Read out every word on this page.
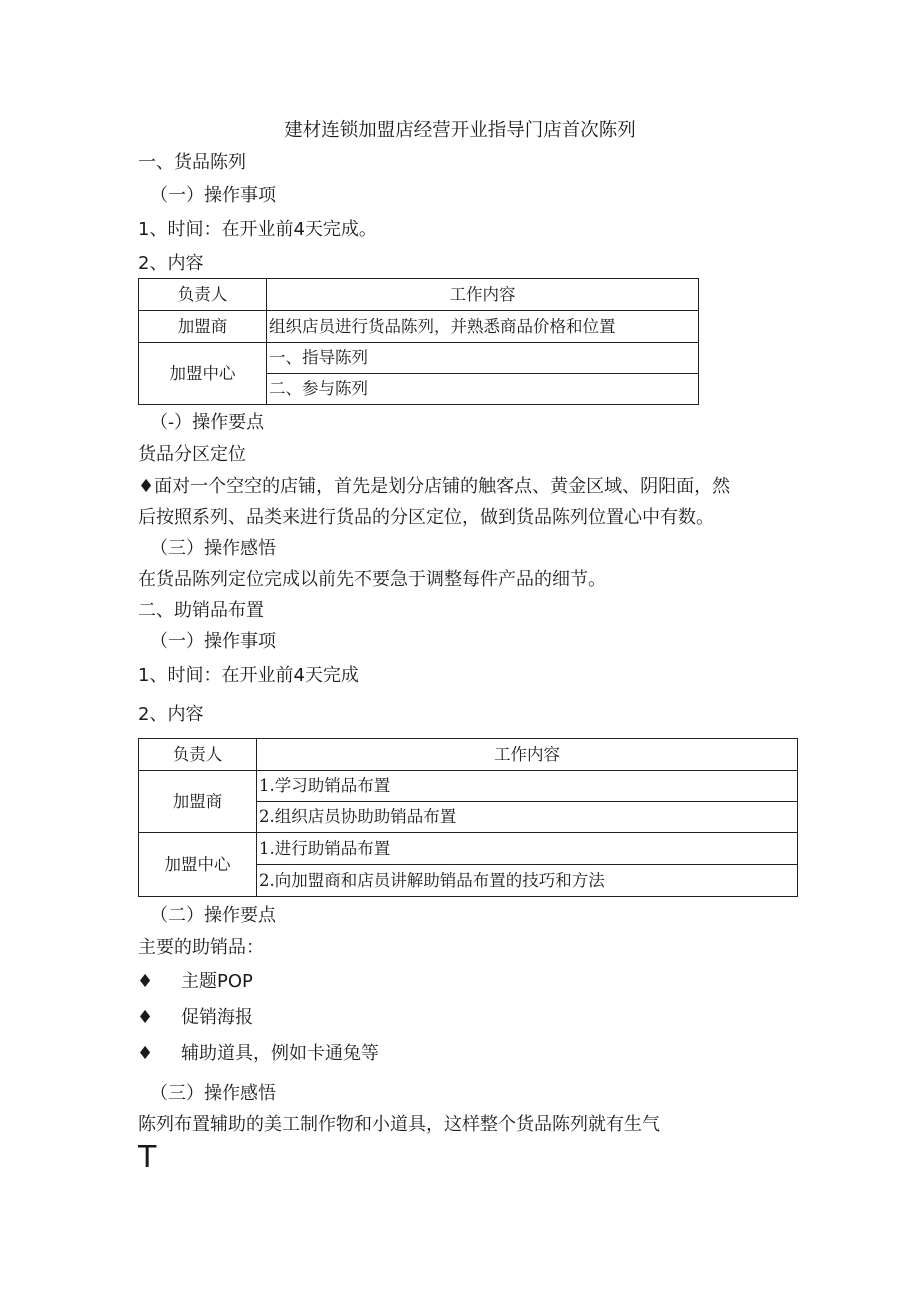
建材连锁加盟店经营开业指导门店首次陈列
一、货品陈列
（一）操作事项
1、时间：在开业前4天完成。
2、内容
负责人	工作内容
加盟商	组织店员进行货品陈列，并熟悉商品价格和位置
加盟中心	一、指导陈列
	二、参与陈列
（-）操作要点
货品分区定位
♦面对一个空空的店铺，首先是划分店铺的触客点、黄金区域、阴阳面，然
后按照系列、品类来进行货品的分区定位，做到货品陈列位置心中有数。
（三）操作感悟
在货品陈列定位完成以前先不要急于调整每件产品的细节。
二、助销品布置
（一）操作事项
1、时间：在开业前4天完成
2、内容
负责人	工作内容
加盟商	1.学习助销品布置
	2.组织店员协助助销品布置
加盟中心	1.进行助销品布置
	2.向加盟商和店员讲解助销品布置的技巧和方法
（二）操作要点
主要的助销品：
♦ 主题POP
♦ 促销海报
♦ 辅助道具，例如卡通兔等
（三）操作感悟
陈列布置辅助的美工制作物和小道具，这样整个货品陈列就有生气
T
